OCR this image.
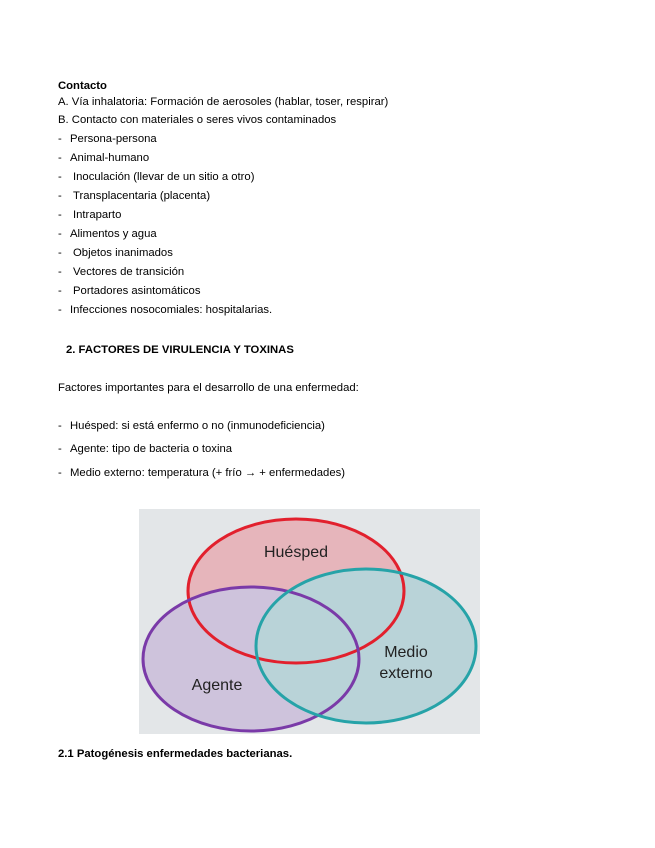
Contacto
A. Vía inhalatoria: Formación de aerosoles (hablar, toser, respirar)
B. Contacto con materiales o seres vivos contaminados
- Persona-persona
- Animal-humano
- Inoculación (llevar de un sitio a otro)
- Transplacentaria (placenta)
- Intraparto
- Alimentos y agua
- Objetos inanimados
- Vectores de transición
- Portadores asintomáticos
- Infecciones nosocomiales: hospitalarias.
2. FACTORES DE VIRULENCIA Y TOXINAS
Factores importantes para el desarrollo de una enfermedad:
- Huésped: si está enfermo o no (inmunodeficiencia)
- Agente: tipo de bacteria o toxina
- Medio externo: temperatura (+ frío → + enfermedades)
Huésped
Agente
Medio
externo
2.1 Patogénesis enfermedades bacterianas.
